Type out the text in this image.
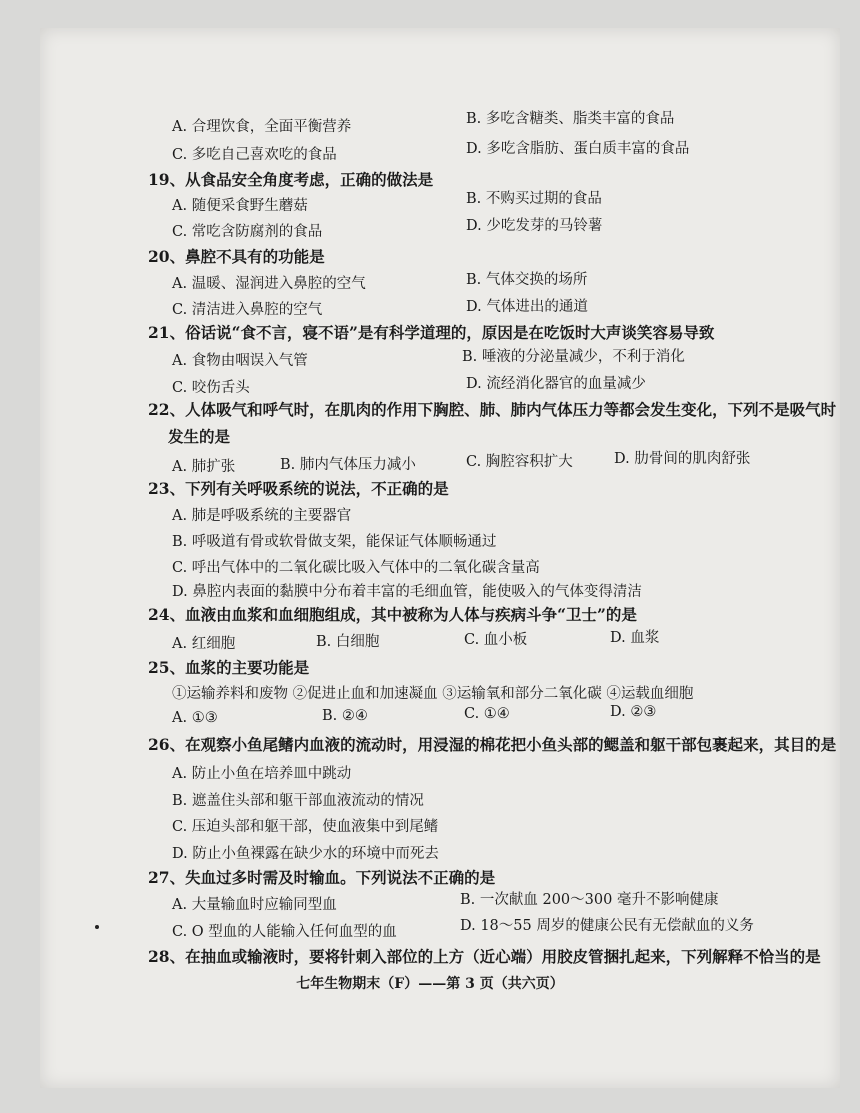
A. 合理饮食，全面平衡营养	B. 多吃含糖类、脂类丰富的食品
C. 多吃自己喜欢吃的食品	D. 多吃含脂肪、蛋白质丰富的食品
19、从食品安全角度考虑，正确的做法是
A. 随便采食野生蘑菇	B. 不购买过期的食品
C. 常吃含防腐剂的食品	D. 少吃发芽的马铃薯
20、鼻腔不具有的功能是
A. 温暖、湿润进入鼻腔的空气	B. 气体交换的场所
C. 清洁进入鼻腔的空气	D. 气体进出的通道
21、俗话说“食不言，寝不语”是有科学道理的，原因是在吃饭时大声谈笑容易导致
A. 食物由咽误入气管	B. 唾液的分泌量减少，不利于消化
C. 咬伤舌头	D. 流经消化器官的血量减少
22、人体吸气和呼气时，在肌肉的作用下胸腔、肺、肺内气体压力等都会发生变化，下列不是吸气时
发生的是
A. 肺扩张	B. 肺内气体压力减小	C. 胸腔容积扩大	D. 肋骨间的肌肉舒张
23、下列有关呼吸系统的说法，不正确的是
A. 肺是呼吸系统的主要器官
B. 呼吸道有骨或软骨做支架，能保证气体顺畅通过
C. 呼出气体中的二氧化碳比吸入气体中的二氧化碳含量高
D. 鼻腔内表面的黏膜中分布着丰富的毛细血管，能使吸入的气体变得清洁
24、血液由血浆和血细胞组成，其中被称为人体与疾病斗争“卫士”的是
A. 红细胞	B. 白细胞	C. 血小板	D. 血浆
25、血浆的主要功能是
①运输养料和废物 ②促进止血和加速凝血 ③运输氧和部分二氧化碳 ④运载血细胞
A. ①③	B. ②④	C. ①④	D. ②③
26、在观察小鱼尾鳍内血液的流动时，用浸湿的棉花把小鱼头部的鳃盖和躯干部包裹起来，其目的是
A. 防止小鱼在培养皿中跳动
B. 遮盖住头部和躯干部血液流动的情况
C. 压迫头部和躯干部，使血液集中到尾鳍
D. 防止小鱼裸露在缺少水的环境中而死去
27、失血过多时需及时输血。下列说法不正确的是
A. 大量输血时应输同型血	B. 一次献血 200～300 毫升不影响健康
C. O 型血的人能输入任何血型的血	D. 18～55 周岁的健康公民有无偿献血的义务
28、在抽血或输液时，要将针刺入部位的上方（近心端）用胶皮管捆扎起来，下列解释不恰当的是
七年生物期末（F）——第 3 页（共六页）
